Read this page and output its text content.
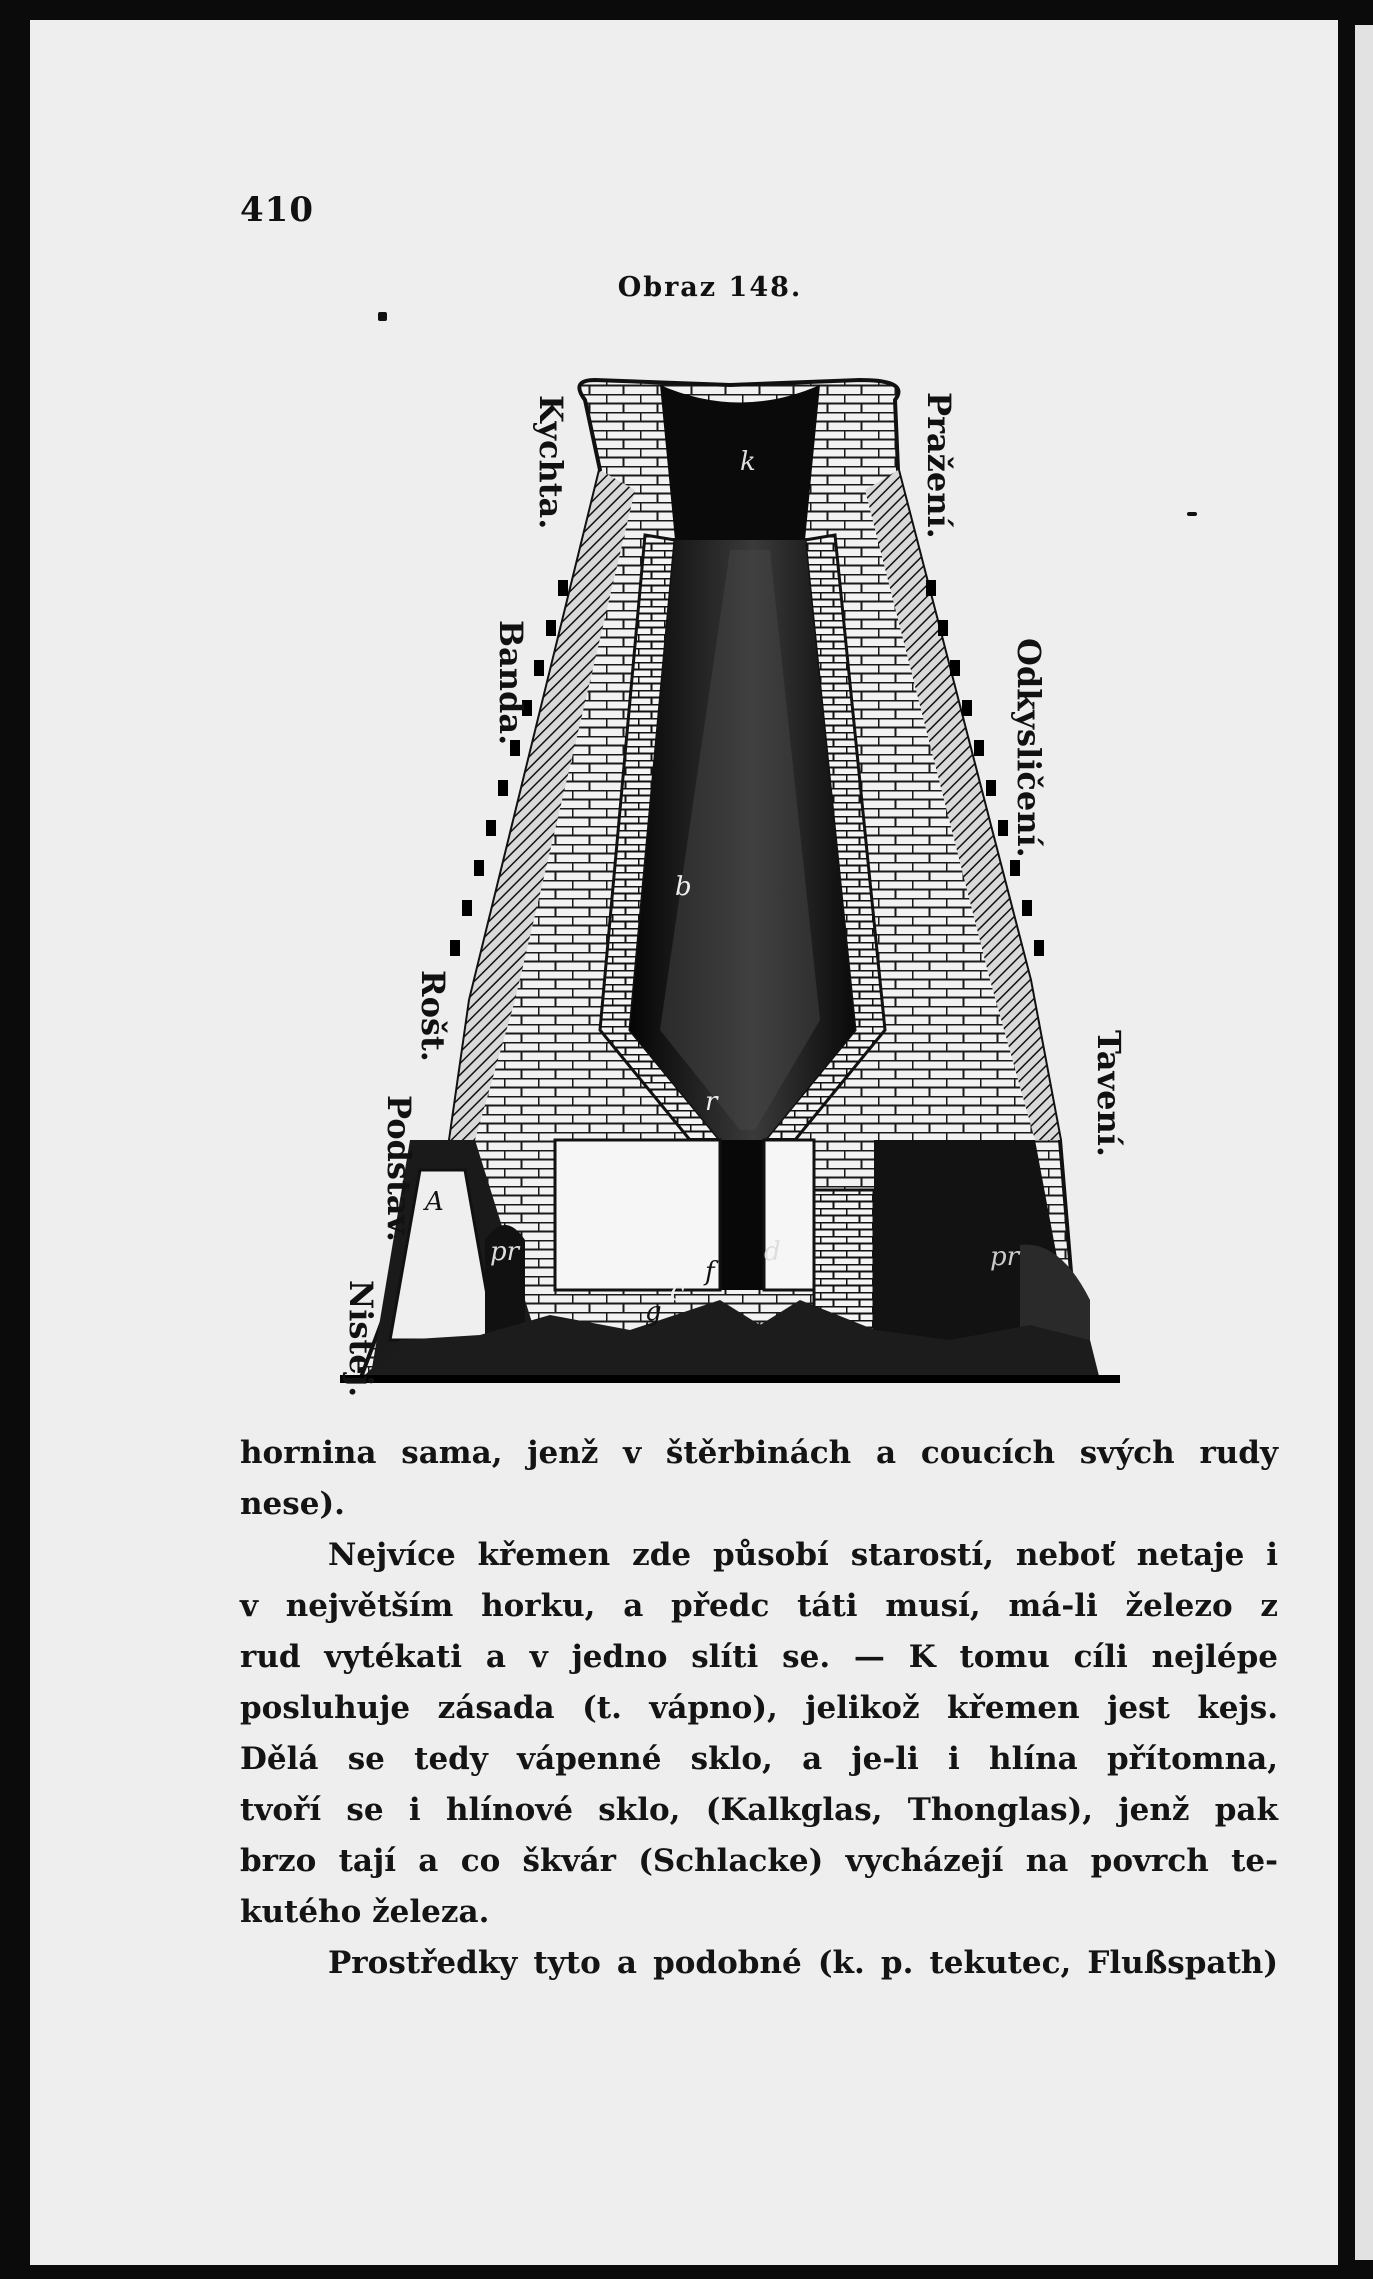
410
Obraz 148.
k
b
r
A
pr	pr
d
f
c
g
Kychta.
Banda.
Rošt.
Podstav.
Nistej.
Pražení.
Odkysličení.
Tavení.
hornina sama, jenž v štěrbinách a coucích svých rudy
nese).
Nejvíce křemen zde působí starostí, neboť netaje i
v největším horku, a předc táti musí, má-li železo z
rud vytékati a v jedno slíti se. — K tomu cíli nejlépe
posluhuje zásada (t. vápno), jelikož křemen jest kejs.
Dělá se tedy vápenné sklo, a je-li i hlína přítomna,
tvoří se i hlínové sklo, (Kalkglas, Thonglas), jenž pak
brzo tají a co škvár (Schlacke) vycházejí na povrch te-
kutého železa.
Prostředky tyto a podobné (k. p. tekutec, Flußspath)
